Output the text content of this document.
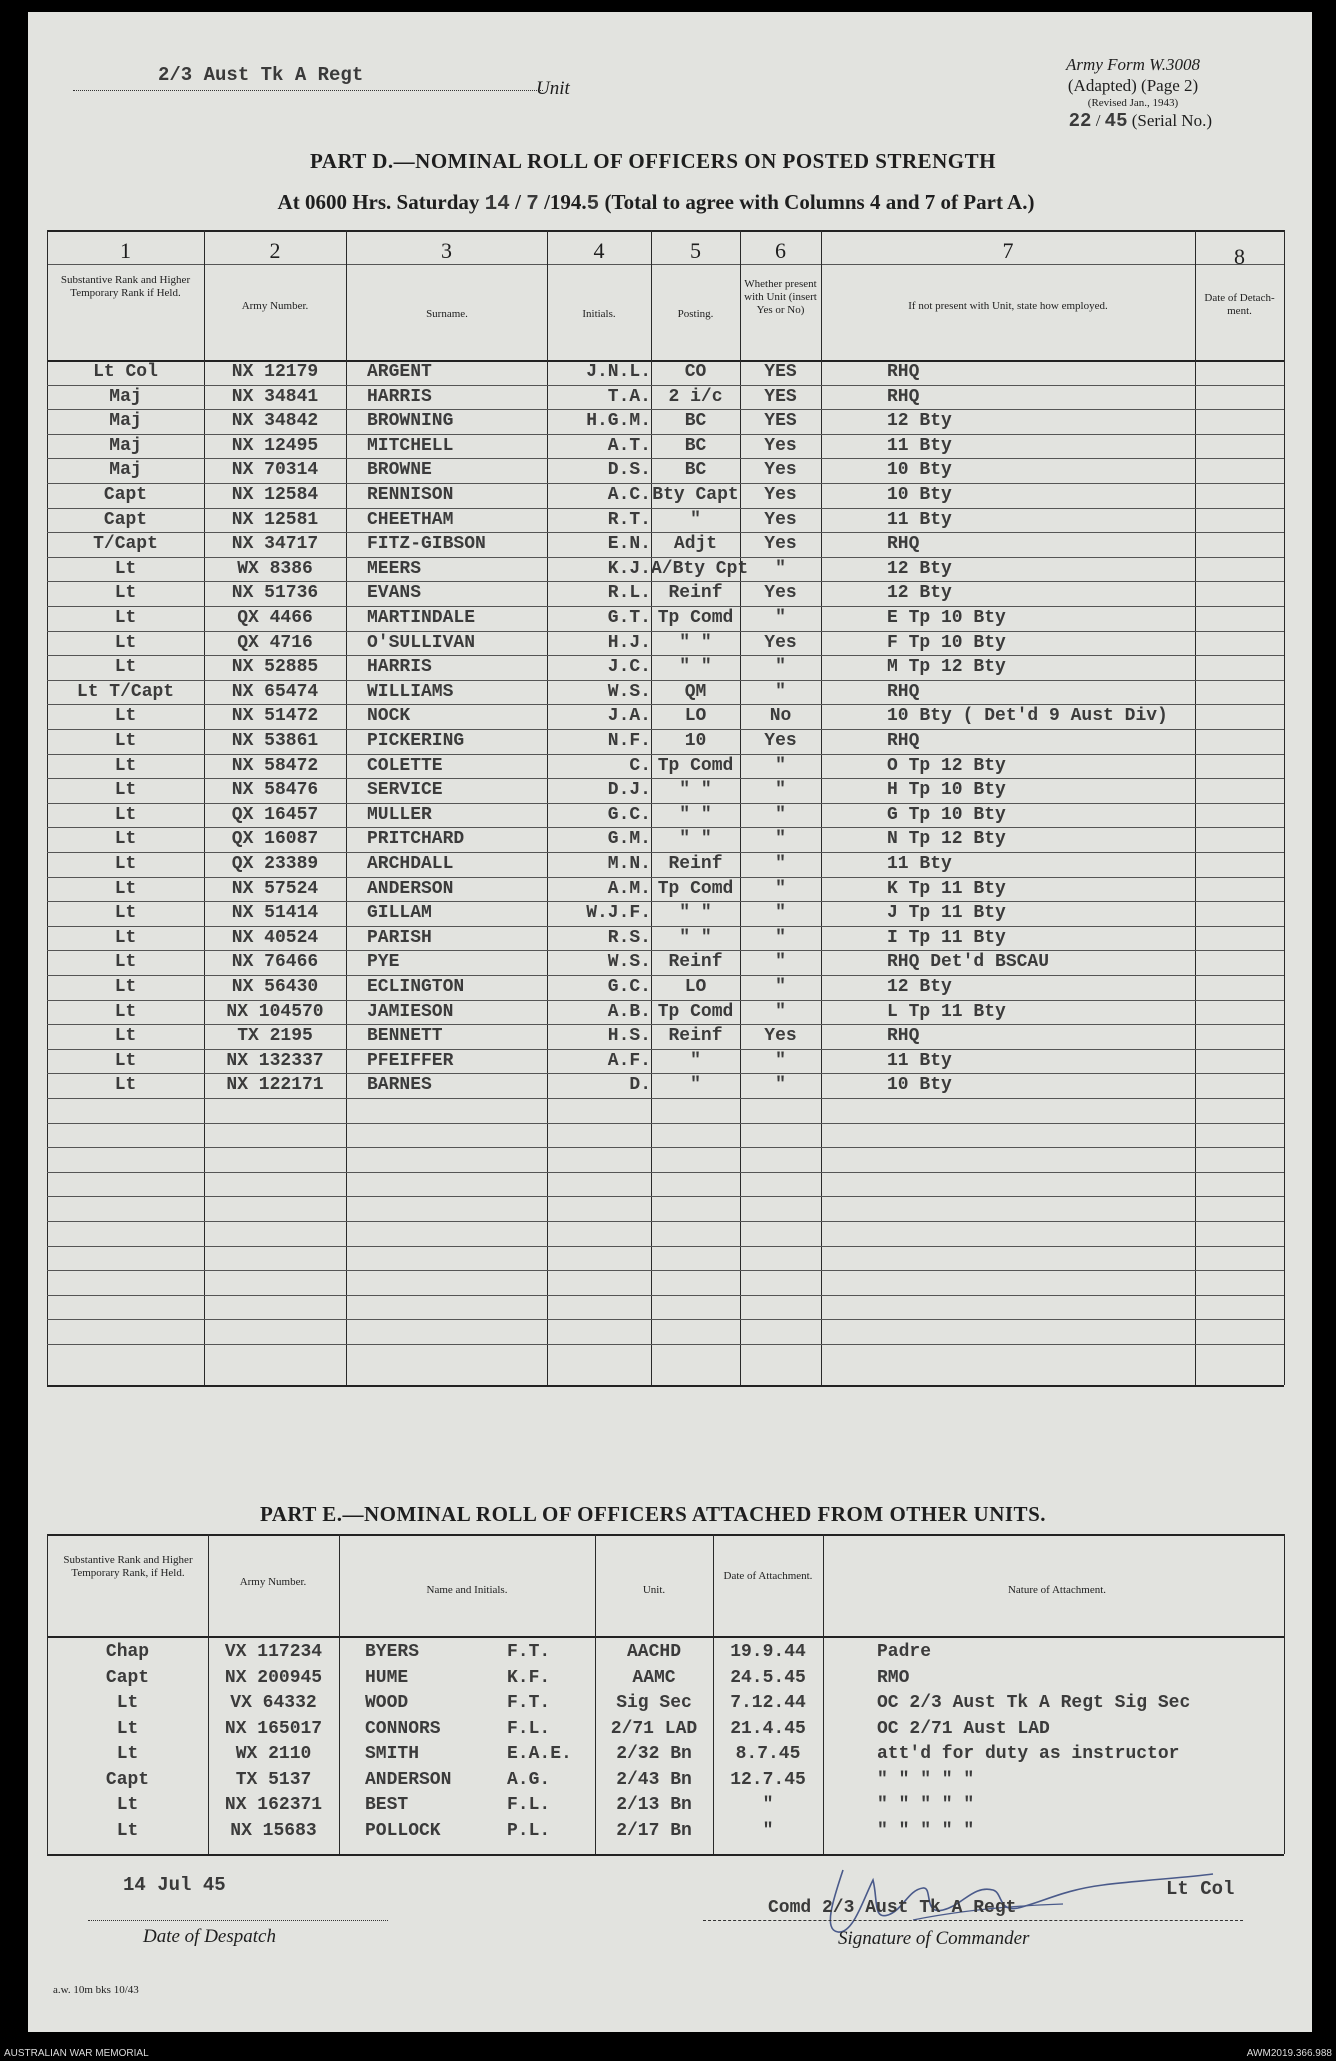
2/3 Aust Tk A Regt
Unit
Army Form W.3008
(Adapted) (Page 2)
(Revised Jan., 1943)
22 / 45 (Serial No.)
PART D.—NOMINAL ROLL OF OFFICERS ON POSTED STRENGTH
At 0600 Hrs. Saturday 14 / 7 /194.5 (Total to agree with Columns 4 and 7 of Part A.)
1	2	3	4	5	6	7	8
Substantive Rank and Higher Temporary Rank if Held.
Army Number.
Surname.	Initials.	Posting.
Whether present with Unit (insert Yes or No)	If not present with Unit, state how employed.
Date of Detach-ment.
Lt Col	NX 12179	ARGENT	J.N.L.	CO	YES	RHQ
Maj	NX 34841	HARRIS	T.A. 2 i/c	YES	RHQ
Maj	NX 34842	BROWNING	H.G.M.	BC	YES	12 Bty
Maj	NX 12495	MITCHELL	A.T.	BC	Yes	11 Bty
Maj	NX 70314	BROWNE	D.S.	BC	Yes	10 Bty
Capt	NX 12584	RENNISON	A.C. Bty Capt	Yes	10 Bty
Capt	NX 12581	CHEETHAM	R.T.	"	Yes	11 Bty
T/Capt	NX 34717	FITZ-GIBSON	E.N.	Adjt	Yes	RHQ
Lt	WX 8386	MEERS	K.J. A/Bty Cpt	"	12 Bty
Lt	NX 51736	EVANS	R.L. Reinf	Yes	12 Bty
Lt	QX 4466	MARTINDALE	G.T. Tp Comd	"	E Tp 10 Bty
Lt	QX 4716	O'SULLIVAN	H.J.	" "	Yes	F Tp 10 Bty
Lt	NX 52885	HARRIS	J.C.	" "	"	M Tp 12 Bty
Lt T/Capt	NX 65474	WILLIAMS	W.S.	QM	"	RHQ
Lt	NX 51472	NOCK	J.A.	LO	No	10 Bty ( Det'd 9 Aust Div)
Lt	NX 53861	PICKERING	N.F.	10	Yes	RHQ
Lt	NX 58472	COLETTE	C. Tp Comd	"	O Tp 12 Bty
Lt	NX 58476	SERVICE	D.J.	" "	"	H Tp 10 Bty
Lt	QX 16457	MULLER	G.C.	" "	"	G Tp 10 Bty
Lt	QX 16087	PRITCHARD	G.M.	" "	"	N Tp 12 Bty
Lt	QX 23389	ARCHDALL	M.N. Reinf	"	11 Bty
Lt	NX 57524	ANDERSON	A.M. Tp Comd	"	K Tp 11 Bty
Lt	NX 51414	GILLAM	W.J.F.	" "	"	J Tp 11 Bty
Lt	NX 40524	PARISH	R.S.	" "	"	I Tp 11 Bty
Lt	NX 76466	PYE	W.S. Reinf	"	RHQ Det'd BSCAU
Lt	NX 56430	ECLINGTON	G.C.	LO	"	12 Bty
Lt	NX 104570	JAMIESON	A.B. Tp Comd	"	L Tp 11 Bty
Lt	TX 2195	BENNETT	H.S. Reinf	Yes	RHQ
Lt	NX 132337	PFEIFFER	A.F.	"	"	11 Bty
Lt	NX 122171	BARNES	D.	"	"	10 Bty
PART E.—NOMINAL ROLL OF OFFICERS ATTACHED FROM OTHER UNITS.
Substantive Rank and Higher Temporary Rank, if Held.
Army Number.
Name and Initials.	Unit.
Date of Attachment.
Nature of Attachment.
Chap	VX 117234	BYERS	F.T.	AACHD	19.9.44	Padre
Capt	NX 200945	HUME	K.F.	AAMC	24.5.45	RMO
Lt	VX 64332	WOOD	F.T.	Sig Sec	7.12.44	OC 2/3 Aust Tk A Regt Sig Sec
Lt	NX 165017	CONNORS	F.L.	2/71 LAD	21.4.45	OC 2/71 Aust LAD
Lt	WX 2110	SMITH	E.A.E.	2/32 Bn	8.7.45	att'd for duty as instructor
Capt	TX 5137	ANDERSON	A.G.	2/43 Bn	12.7.45	" " " " "
Lt	NX 162371	BEST	F.L.	2/13 Bn	"	" " " " "
Lt	NX 15683	POLLOCK	P.L.	2/17 Bn	"	" " " " "
14 Jul 45
Date of Despatch
Comd 2/3 Aust Tk A Regt
Lt Col
Signature of Commander
a.w. 10m bks 10/43
AUSTRALIAN WAR MEMORIAL	AWM2019.366.988
